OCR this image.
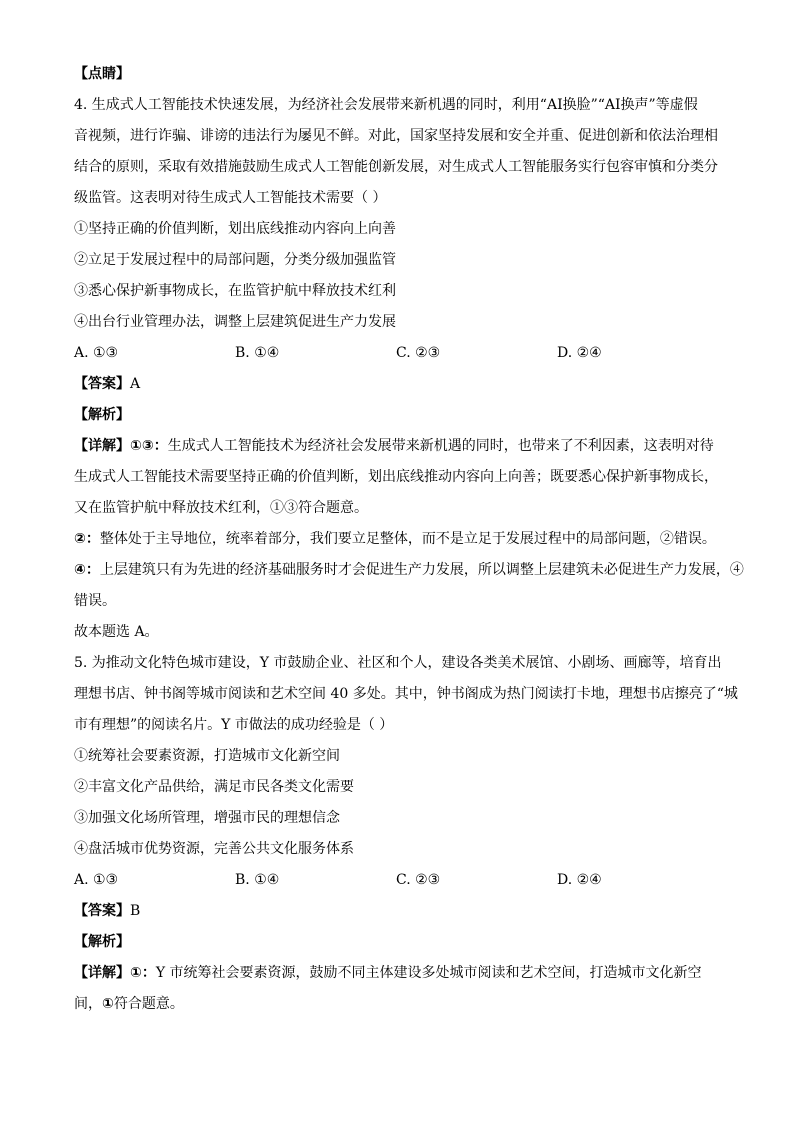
【点睛】
4. 生成式人工智能技术快速发展，为经济社会发展带来新机遇的同时，利用“AI换脸”“AI换声”等虚假
音视频，进行诈骗、诽谤的违法行为屡见不鲜。对此，国家坚持发展和安全并重、促进创新和依法治理相
结合的原则，采取有效措施鼓励生成式人工智能创新发展，对生成式人工智能服务实行包容审慎和分类分
级监管。这表明对待生成式人工智能技术需要（ ）
①坚持正确的价值判断，划出底线推动内容向上向善
②立足于发展过程中的局部问题，分类分级加强监管
③悉心保护新事物成长，在监管护航中释放技术红利
④出台行业管理办法，调整上层建筑促进生产力发展
A. ①③	B. ①④	C. ②③	D. ②④
【答案】A
【解析】
【详解】①③：生成式人工智能技术为经济社会发展带来新机遇的同时，也带来了不利因素，这表明对待
生成式人工智能技术需要坚持正确的价值判断，划出底线推动内容向上向善；既要悉心保护新事物成长，
又在监管护航中释放技术红利，①③符合题意。
②：整体处于主导地位，统率着部分，我们要立足整体，而不是立足于发展过程中的局部问题，②错误。
④：上层建筑只有为先进的经济基础服务时才会促进生产力发展，所以调整上层建筑未必促进生产力发展，④
错误。
故本题选 A。
5. 为推动文化特色城市建设，Y 市鼓励企业、社区和个人，建设各类美术展馆、小剧场、画廊等，培育出
理想书店、钟书阁等城市阅读和艺术空间 40 多处。其中，钟书阁成为热门阅读打卡地，理想书店擦亮了“城
市有理想”的阅读名片。Y 市做法的成功经验是（ ）
①统筹社会要素资源，打造城市文化新空间
②丰富文化产品供给，满足市民各类文化需要
③加强文化场所管理，增强市民的理想信念
④盘活城市优势资源，完善公共文化服务体系
A. ①③	B. ①④	C. ②③	D. ②④
【答案】B
【解析】
【详解】①：Y 市统筹社会要素资源，鼓励不同主体建设多处城市阅读和艺术空间，打造城市文化新空
间，①符合题意。
